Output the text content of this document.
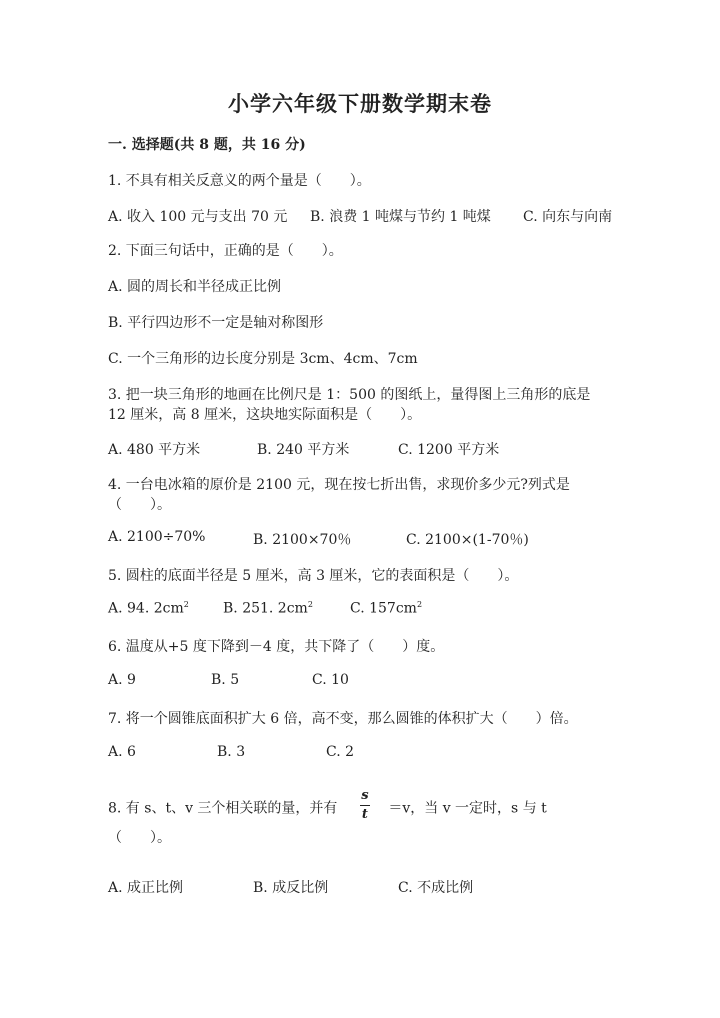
小学六年级下册数学期末卷
一. 选择题(共 8 题，共 16 分)
1. 不具有相关反意义的两个量是（　　）。
A. 收入 100 元与支出 70 元 B. 浪费 1 吨煤与节约 1 吨煤 C. 向东与向南
2. 下面三句话中，正确的是（　　）。
A. 圆的周长和半径成正比例
B. 平行四边形不一定是轴对称图形
C. 一个三角形的边长度分别是 3cm、4cm、7cm
3. 把一块三角形的地画在比例尺是 1：500 的图纸上，量得图上三角形的底是
12 厘米，高 8 厘米，这块地实际面积是（　　）。
A. 480 平方米	B. 240 平方米	C. 1200 平方米
4. 一台电冰箱的原价是 2100 元，现在按七折出售，求现价多少元?列式是
（　　）。
A. 2100÷70%	B. 2100×70％	C. 2100×(1-70％)
5. 圆柱的底面半径是 5 厘米，高 3 厘米，它的表面积是（　　）。
A. 94. $2cm^2$ B. 251. $2cm^2$	C. $157cm^2$
6. 温度从+5 度下降到－4 度，共下降了（　　）度。
A. 9	B. 5	C. 10
7. 将一个圆锥底面积扩大 6 倍，高不变，那么圆锥的体积扩大（　　）倍。
A. 6	B. 3	C. 2
8. 有 s、t、v 三个相关联的量，并有 $\frac{s}{t} =v$，当 v 一定时，s 与 t
（　　）。
A. 成正比例	B. 成反比例	C. 不成比例
